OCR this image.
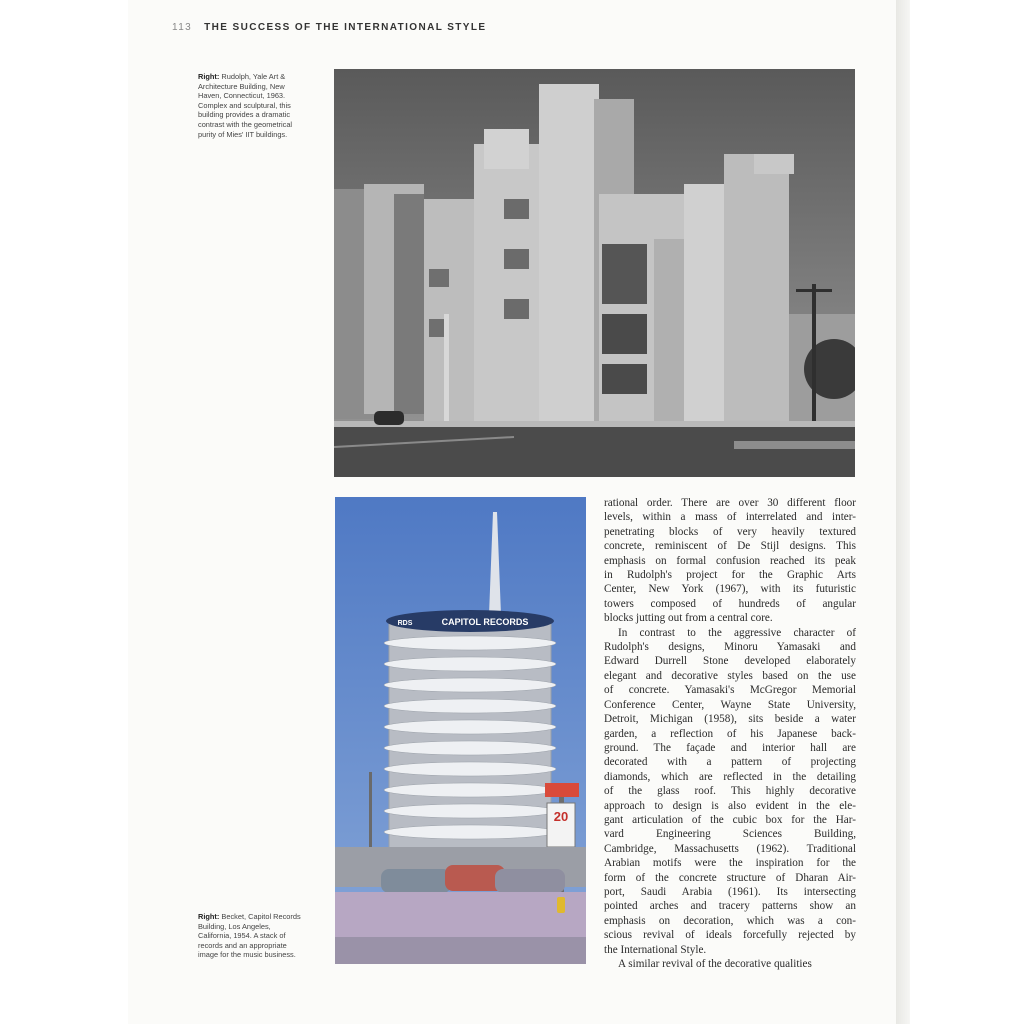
113 THE SUCCESS OF THE INTERNATIONAL STYLE
Right: Rudolph, Yale Art &
Architecture Building, New
Haven, Connecticut, 1963.
Complex and sculptural, this
building provides a dramatic
contrast with the geometrical
purity of Mies' IIT buildings.
CAPITOL RECORDS
RDS
20
Right: Becket, Capitol Records
Building, Los Angeles,
California, 1954. A stack of
records and an appropriate
image for the music business.
rational order. There are over 30 different floor
levels, within a mass of interrelated and inter-
penetrating blocks of very heavily textured
concrete, reminiscent of De Stijl designs. This
emphasis on formal confusion reached its peak
in Rudolph's project for the Graphic Arts
Center, New York (1967), with its futuristic
towers composed of hundreds of angular
blocks jutting out from a central core.
In contrast to the aggressive character of
Rudolph's designs, Minoru Yamasaki and
Edward Durrell Stone developed elaborately
elegant and decorative styles based on the use
of concrete. Yamasaki's McGregor Memorial
Conference Center, Wayne State University,
Detroit, Michigan (1958), sits beside a water
garden, a reflection of his Japanese back-
ground. The façade and interior hall are
decorated with a pattern of projecting
diamonds, which are reflected in the detailing
of the glass roof. This highly decorative
approach to design is also evident in the ele-
gant articulation of the cubic box for the Har-
vard Engineering Sciences Building,
Cambridge, Massachusetts (1962). Traditional
Arabian motifs were the inspiration for the
form of the concrete structure of Dharan Air-
port, Saudi Arabia (1961). Its intersecting
pointed arches and tracery patterns show an
emphasis on decoration, which was a con-
scious revival of ideals forcefully rejected by
the International Style.
A similar revival of the decorative qualities
